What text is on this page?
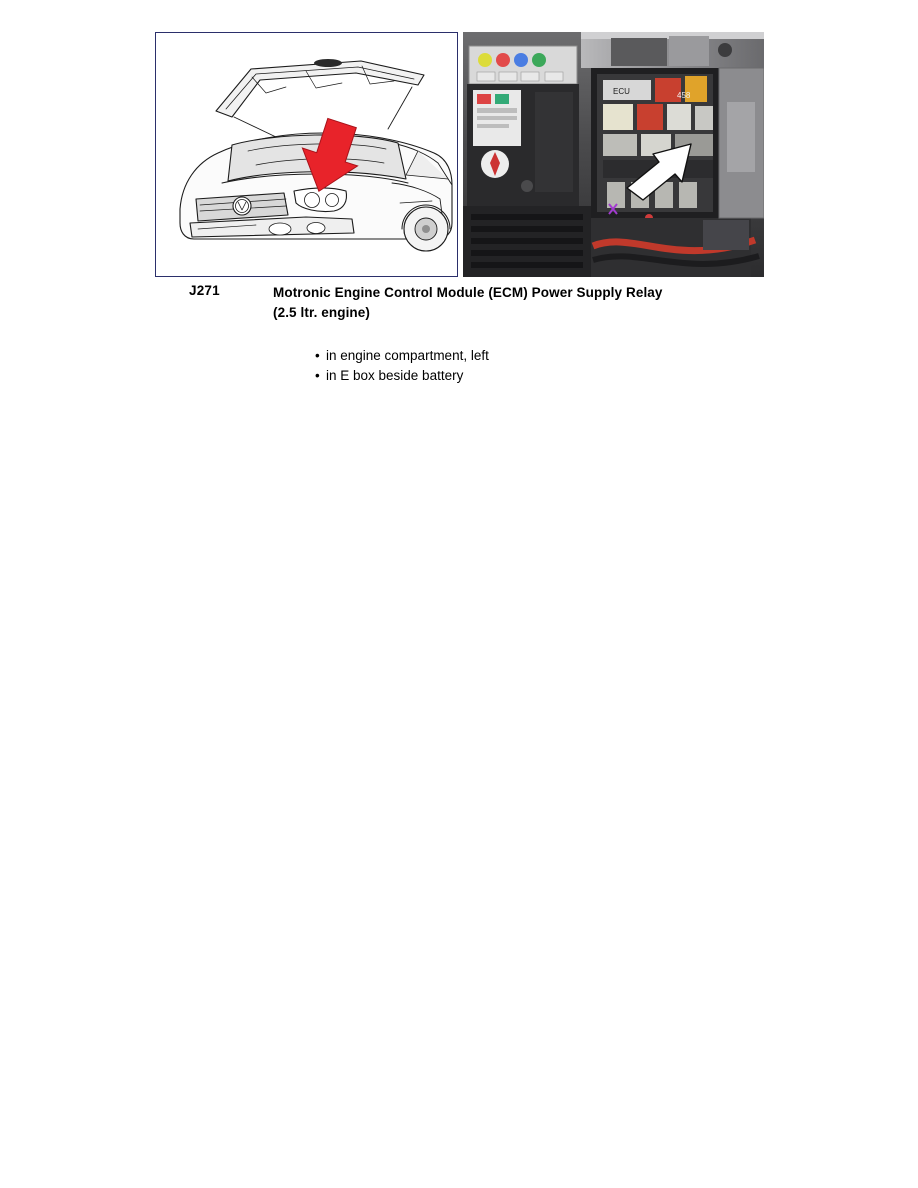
ECU	458
J271	Motronic Engine Control Module (ECM) Power Supply Relay
(2.5 ltr. engine)
• in engine compartment, left
• in E box beside battery
